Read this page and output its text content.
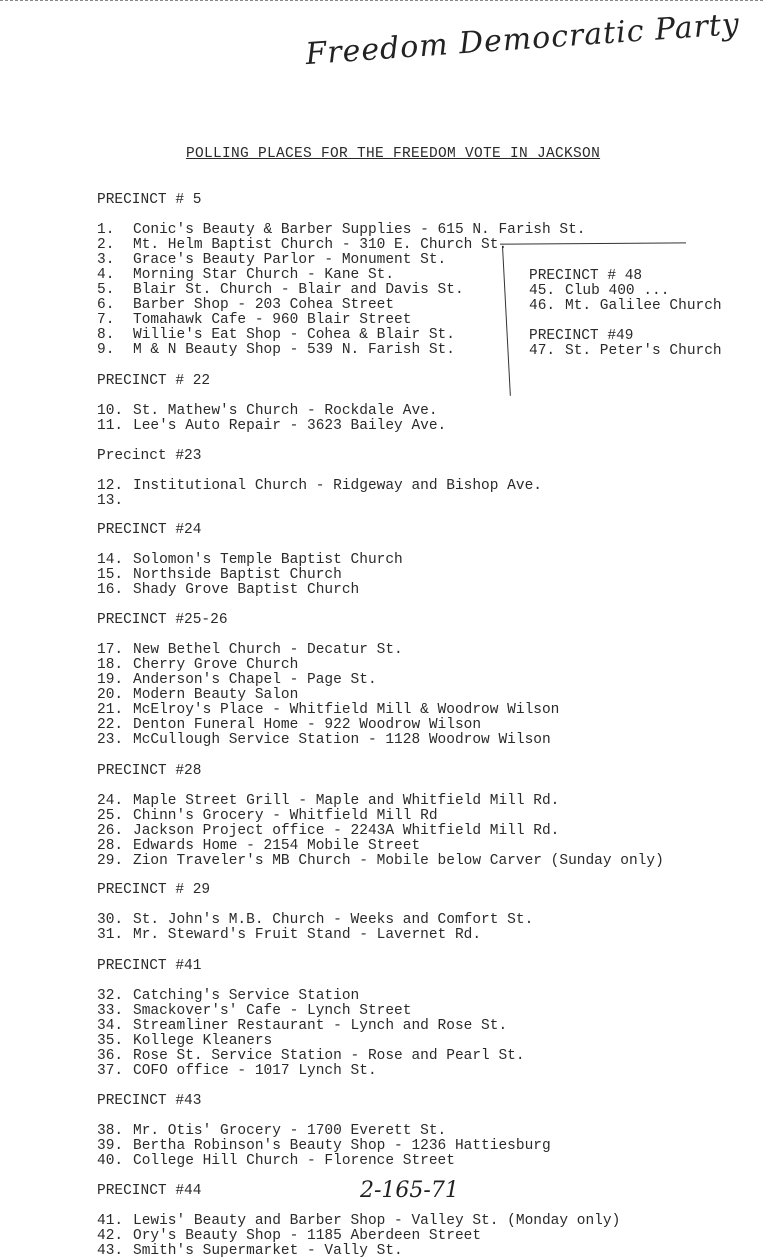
Freedom Democratic Party
POLLING PLACES FOR THE FREEDOM VOTE IN JACKSON
2-165-71
PRECINCT # 5
1.	Conic's Beauty & Barber Supplies - 615 N. Farish St.
2.	Mt. Helm Baptist Church - 310 E. Church St.
3.	Grace's Beauty Parlor - Monument St.
4.	Morning Star Church - Kane St.
5.	Blair St. Church - Blair and Davis St.
6.	Barber Shop - 203 Cohea Street
7.	Tomahawk Cafe - 960 Blair Street
8.	Willie's Eat Shop - Cohea & Blair St.
9.	M & N Beauty Shop - 539 N. Farish St.
PRECINCT # 22
10. St. Mathew's Church - Rockdale Ave.
11. Lee's Auto Repair - 3623 Bailey Ave.
Precinct #23
12. Institutional Church - Ridgeway and Bishop Ave.
13.
PRECINCT #24
14. Solomon's Temple Baptist Church
15. Northside Baptist Church
16. Shady Grove Baptist Church
PRECINCT #25-26
17. New Bethel Church - Decatur St.
18. Cherry Grove Church
19. Anderson's Chapel - Page St.
20. Modern Beauty Salon
21. McElroy's Place - Whitfield Mill & Woodrow Wilson
22. Denton Funeral Home - 922 Woodrow Wilson
23. McCullough Service Station - 1128 Woodrow Wilson
PRECINCT #28
24. Maple Street Grill - Maple and Whitfield Mill Rd.
25. Chinn's Grocery - Whitfield Mill Rd
26. Jackson Project office - 2243A Whitfield Mill Rd.
28. Edwards Home - 2154 Mobile Street
29. Zion Traveler's MB Church - Mobile below Carver (Sunday only)
PRECINCT # 29
30. St. John's M.B. Church - Weeks and Comfort St.
31. Mr. Steward's Fruit Stand - Lavernet Rd.
PRECINCT #41
32. Catching's Service Station
33. Smackover's' Cafe - Lynch Street
34. Streamliner Restaurant - Lynch and Rose St.
35. Kollege Kleaners
36. Rose St. Service Station - Rose and Pearl St.
37. COFO office - 1017 Lynch St.
PRECINCT #43
38. Mr. Otis' Grocery - 1700 Everett St.
39. Bertha Robinson's Beauty Shop - 1236 Hattiesburg
40. College Hill Church - Florence Street
PRECINCT #44
41. Lewis' Beauty and Barber Shop - Valley St. (Monday only)
42. Ory's Beauty Shop - 1185 Aberdeen Street
43. Smith's Supermarket - Vally St.
PRECINCT # 48
45. Club 400 ...
46. Mt. Galilee Church
PRECINCT #49
47. St. Peter's Church
